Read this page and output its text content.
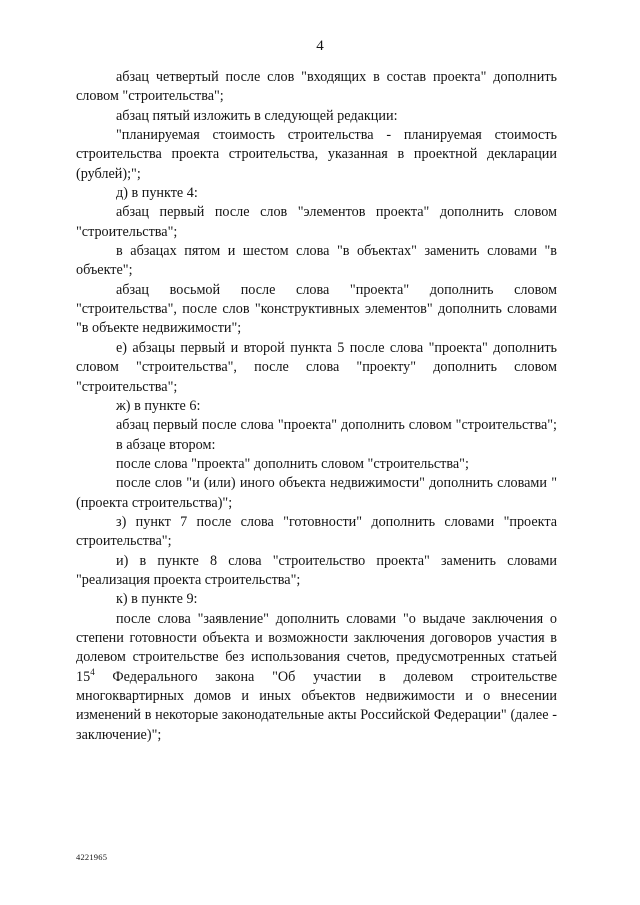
4

абзац четвертый после слов "входящих в состав проекта" дополнить словом "строительства";

абзац пятый изложить в следующей редакции:

"планируемая стоимость строительства - планируемая стоимость строительства проекта строительства, указанная в проектной декларации (рублей);";

д) в пункте 4:

абзац первый после слов "элементов проекта" дополнить словом "строительства";

в абзацах пятом и шестом слова "в объектах" заменить словами "в объекте";

абзац восьмой после слова "проекта" дополнить словом "строительства", после слов "конструктивных элементов" дополнить словами "в объекте недвижимости";

е) абзацы первый и второй пункта 5 после слова "проекта" дополнить словом "строительства", после слова "проекту" дополнить словом "строительства";

ж) в пункте 6:

абзац первый после слова "проекта" дополнить словом "строительства";

в абзаце втором:

после слова "проекта" дополнить словом "строительства";

после слов "и (или) иного объекта недвижимости" дополнить словами "(проекта строительства)";

з) пункт 7 после слова "готовности" дополнить словами "проекта строительства";

и) в пункте 8 слова "строительство проекта" заменить словами "реализация проекта строительства";

к) в пункте 9:

после слова "заявление" дополнить словами "о выдаче заключения о степени готовности объекта и возможности заключения договоров участия в долевом строительстве без использования счетов, предусмотренных статьей $15^4$ Федерального закона "Об участии в долевом строительстве многоквартирных домов и иных объектов недвижимости и о внесении изменений в некоторые законодательные акты Российской Федерации" (далее - заключение)";

4221965
